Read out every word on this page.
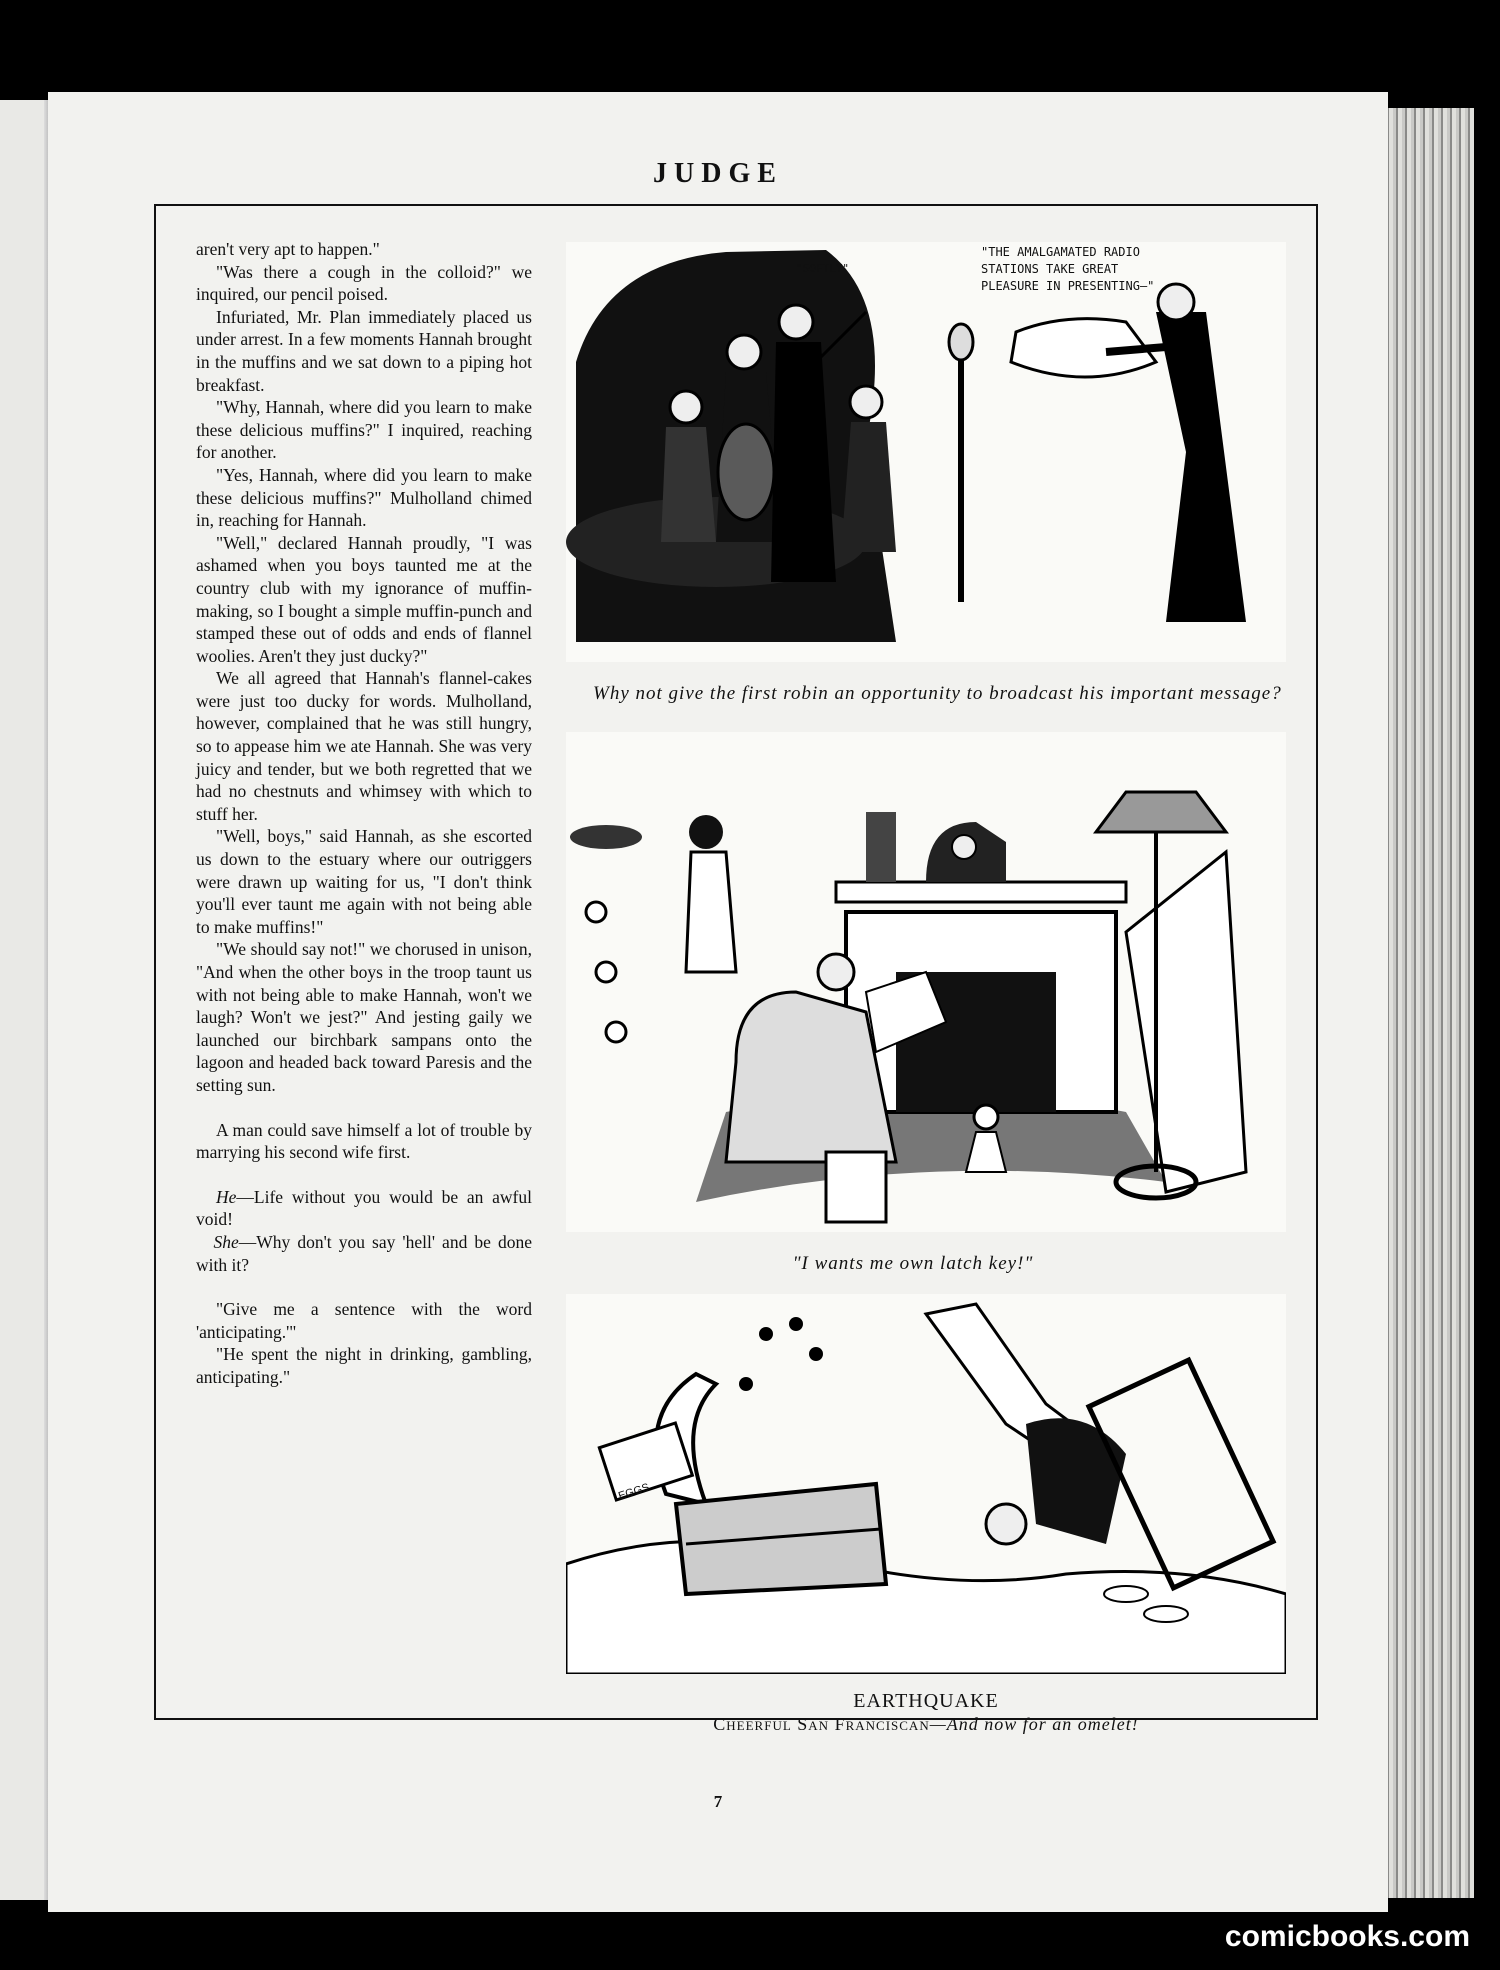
JUDGE

aren't very apt to happen."

"Was there a cough in the colloid?" we inquired, our pencil poised.

Infuriated, Mr. Plan immediately placed us under arrest. In a few moments Hannah brought in the muffins and we sat down to a piping hot breakfast.

"Why, Hannah, where did you learn to make these delicious muffins?" I inquired, reaching for another.

"Yes, Hannah, where did you learn to make these delicious muffins?" Mulholland chimed in, reaching for Hannah.

"Well," declared Hannah proudly, "I was ashamed when you boys taunted me at the country club with my ignorance of muffin-making, so I bought a simple muffin-punch and stamped these out of odds and ends of flannel woolies. Aren't they just ducky?"

We all agreed that Hannah's flannel-cakes were just too ducky for words. Mulholland, however, complained that he was still hungry, so to appease him we ate Hannah. She was very juicy and tender, but we both regretted that we had no chestnuts and whimsey with which to stuff her.

"Well, boys," said Hannah, as she escorted us down to the estuary where our outriggers were drawn up waiting for us, "I don't think you'll ever taunt me again with not being able to make muffins!"

"We should say not!" we chorused in unison, "And when the other boys in the troop taunt us with not being able to make Hannah, won't we laugh? Won't we jest?" And jesting gaily we launched our birchbark sampans onto the lagoon and headed back toward Paresis and the setting sun.

A man could save himself a lot of trouble by marrying his second wife first.

He—Life without you would be an awful void!

 She—Why don't you say 'hell' and be done with it?

"Give me a sentence with the word 'anticipating.'"

"He spent the night in drinking, gambling, anticipating."

"SOFTLY"
"THE AMALGAMATED RADIO STATIONS TAKE GREAT PLEASURE IN PRESENTING—"
Why not give the first robin an opportunity to broadcast his important message?
"I wants me own latch key!"
EGGS
EARTHQUAKE
Cheerful San Franciscan—And now for an omelet!
7
comicbooks.com
